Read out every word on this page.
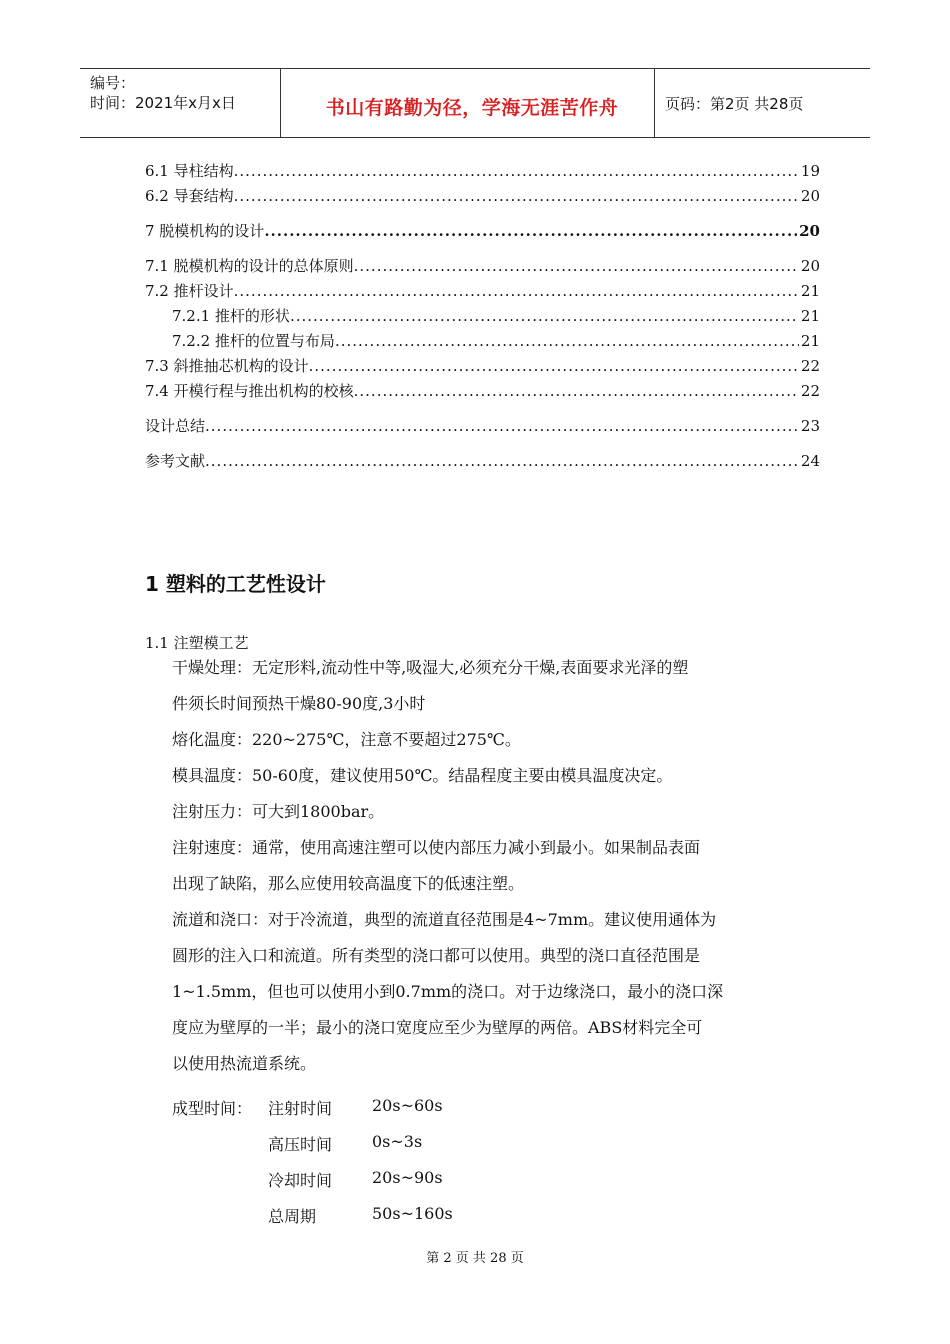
编号：
时间：2021年x月x日	书山有路勤为径，学海无涯苦作舟	页码：第2页 共28页
6.1 导柱结构 .....	19
6.2 导套结构 .....	20
7 脱模机构的设计 .....	20
7.1 脱模机构的设计的总体原则 .....	20
7.2 推杆设计 .....	21
7.2.1 推杆的形状 .....	21
7.2.2 推杆的位置与布局 .....	21
7.3 斜推抽芯机构的设计 .....	22
7.4 开模行程与推出机构的校核 .....	22
设计总结 .....	23
参考文献 .....	24
1 塑料的工艺性设计
1.1 注塑模工艺
干燥处理：无定形料,流动性中等,吸湿大,必须充分干燥,表面要求光泽的塑
件须长时间预热干燥80-90度,3小时
熔化温度：220~275℃，注意不要超过275℃。
模具温度：50-60度，建议使用50℃。结晶程度主要由模具温度决定。
注射压力：可大到1800bar。
注射速度：通常，使用高速注塑可以使内部压力减小到最小。如果制品表面
出现了缺陷，那么应使用较高温度下的低速注塑。
流道和浇口：对于冷流道，典型的流道直径范围是4~7mm。建议使用通体为
圆形的注入口和流道。所有类型的浇口都可以使用。典型的浇口直径范围是
1~1.5mm，但也可以使用小到0.7mm的浇口。对于边缘浇口，最小的浇口深
度应为壁厚的一半；最小的浇口宽度应至少为壁厚的两倍。ABS材料完全可
以使用热流道系统。
成型时间： 注射时间 20s~60s
高压时间 0s~3s
冷却时间 20s~90s
总周期	50s~160s
第 2 页 共 28 页
